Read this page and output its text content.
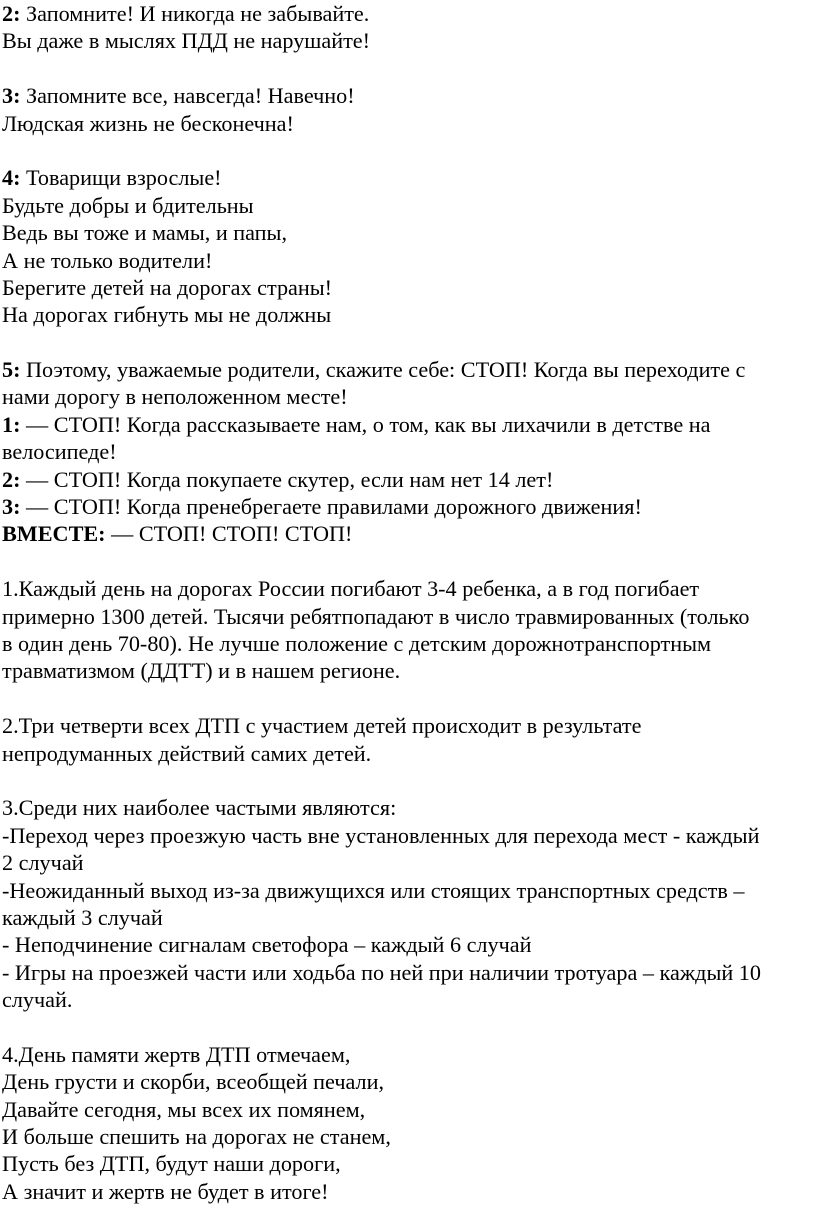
2: Запомните! И никогда не забывайте.
Вы даже в мыслях ПДД не нарушайте!
3: Запомните все, навсегда! Навечно!
Людская жизнь не бесконечна!
4: Товарищи взрослые!
Будьте добры и бдительны
Ведь вы тоже и мамы, и папы,
А не только водители!
Берегите детей на дорогах страны!
На дорогах гибнуть мы не должны
5: Поэтому, уважаемые родители, скажите себе: СТОП! Когда вы переходите с
нами дорогу в неположенном месте!
1: — СТОП! Когда рассказываете нам, о том, как вы лихачили в детстве на
велосипеде!
2: — СТОП! Когда покупаете скутер, если нам нет 14 лет!
3: — СТОП! Когда пренебрегаете правилами дорожного движения!
ВМЕСТЕ: — СТОП! СТОП! СТОП!
1.Каждый день на дорогах России погибают 3-4 ребенка, а в год погибает
примерно 1300 детей. Тысячи ребятпопадают в число травмированных (только
в один день 70-80). Не лучше положение с детским дорожнотранспортным
травматизмом (ДДТТ) и в нашем регионе.
2.Три четверти всех ДТП с участием детей происходит в результате
непродуманных действий самих детей.
3.Среди них наиболее частыми являются:
-Переход через проезжую часть вне установленных для перехода мест - каждый
2 случай
-Неожиданный выход из-за движущихся или стоящих транспортных средств –
каждый 3 случай
- Неподчинение сигналам светофора – каждый 6 случай
- Игры на проезжей части или ходьба по ней при наличии тротуара – каждый 10
случай.
4.День памяти жертв ДТП отмечаем,
День грусти и скорби, всеобщей печали,
Давайте сегодня, мы всех их помянем,
И больше спешить на дорогах не станем,
Пусть без ДТП, будут наши дороги,
А значит и жертв не будет в итоге!
